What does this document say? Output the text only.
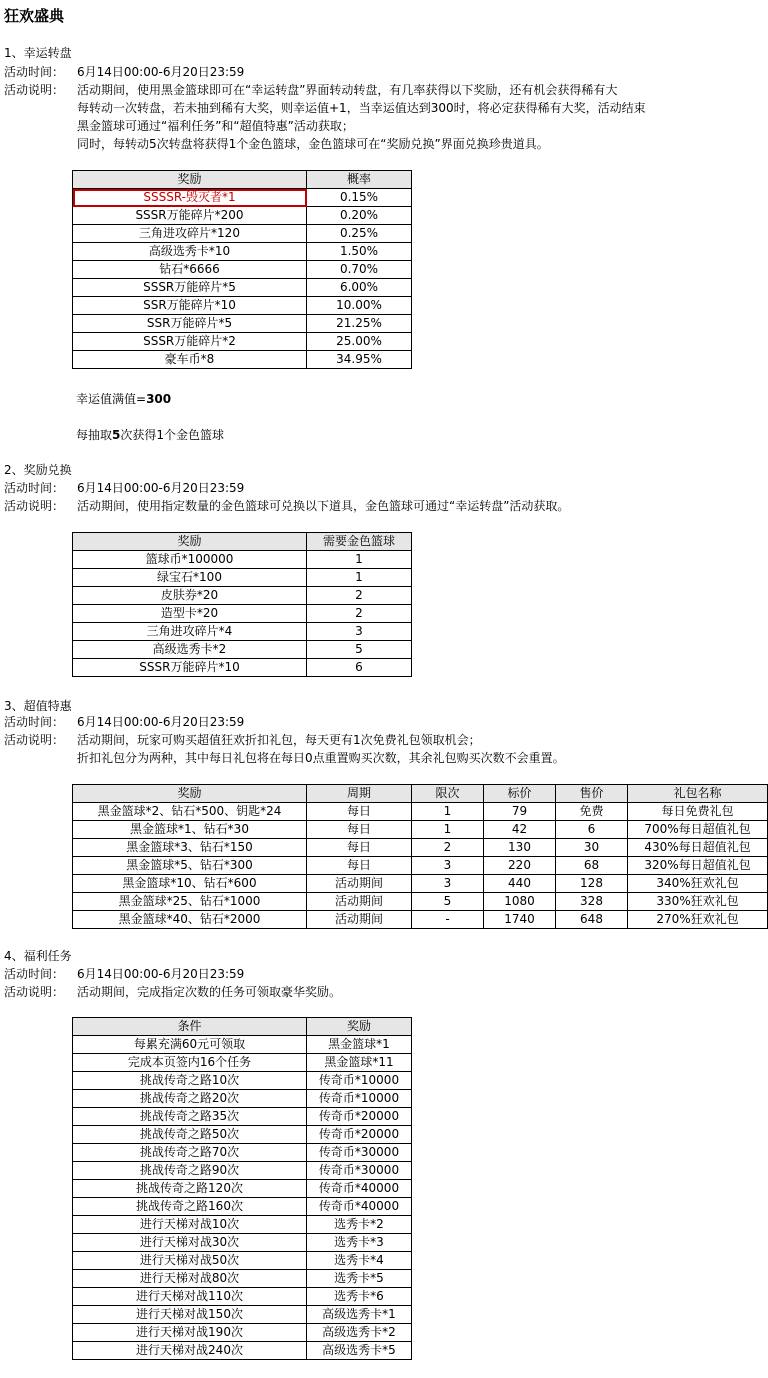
狂欢盛典
1、幸运转盘
活动时间： 6月14日00:00-6月20日23:59
活动说明： 活动期间，使用黑金篮球即可在“幸运转盘”界面转动转盘，有几率获得以下奖励，还有机会获得稀有大
每转动一次转盘，若未抽到稀有大奖，则幸运值+1，当幸运值达到300时，将必定获得稀有大奖，活动结束
黑金篮球可通过“福利任务”和“超值特惠”活动获取；
同时，每转动5次转盘将获得1个金色篮球，金色篮球可在“奖励兑换”界面兑换珍贵道具。
奖励	概率
SSSSR-毁灭者*1	0.15%
SSSR万能碎片*200	0.20%
三角进攻碎片*120	0.25%
高级选秀卡*10	1.50%
钻石*6666	0.70%
SSSR万能碎片*5	6.00%
SSR万能碎片*10	10.00%
SSR万能碎片*5	21.25%
SSSR万能碎片*2	25.00%
豪车币*8	34.95%
幸运值满值=300
每抽取5次获得1个金色篮球
2、奖励兑换
活动时间： 6月14日00:00-6月20日23:59
活动说明： 活动期间，使用指定数量的金色篮球可兑换以下道具，金色篮球可通过“幸运转盘”活动获取。
奖励	需要金色篮球
篮球币*100000	1
绿宝石*100	1
皮肤券*20	2
造型卡*20	2
三角进攻碎片*4	3
高级选秀卡*2	5
SSSR万能碎片*10	6
3、超值特惠
活动时间： 6月14日00:00-6月20日23:59
活动说明： 活动期间，玩家可购买超值狂欢折扣礼包，每天更有1次免费礼包领取机会；
折扣礼包分为两种，其中每日礼包将在每日0点重置购买次数，其余礼包购买次数不会重置。
奖励	周期	限次	标价	售价	礼包名称
黑金篮球*2、钻石*500、钥匙*24	每日	1	79	免费	每日免费礼包
黑金篮球*1、钻石*30	每日	1	42	6	700%每日超值礼包
黑金篮球*3、钻石*150	每日	2	130	30	430%每日超值礼包
黑金篮球*5、钻石*300	每日	3	220	68	320%每日超值礼包
黑金篮球*10、钻石*600	活动期间	3	440	128	340%狂欢礼包
黑金篮球*25、钻石*1000	活动期间	5	1080	328	330%狂欢礼包
黑金篮球*40、钻石*2000	活动期间	-	1740	648	270%狂欢礼包
4、福利任务
活动时间： 6月14日00:00-6月20日23:59
活动说明： 活动期间，完成指定次数的任务可领取豪华奖励。
条件	奖励
每累充满60元可领取	黑金篮球*1
完成本页签内16个任务	黑金篮球*11
挑战传奇之路10次	传奇币*10000
挑战传奇之路20次	传奇币*10000
挑战传奇之路35次	传奇币*20000
挑战传奇之路50次	传奇币*20000
挑战传奇之路70次	传奇币*30000
挑战传奇之路90次	传奇币*30000
挑战传奇之路120次	传奇币*40000
挑战传奇之路160次	传奇币*40000
进行天梯对战10次	选秀卡*2
进行天梯对战30次	选秀卡*3
进行天梯对战50次	选秀卡*4
进行天梯对战80次	选秀卡*5
进行天梯对战110次	选秀卡*6
进行天梯对战150次	高级选秀卡*1
进行天梯对战190次	高级选秀卡*2
进行天梯对战240次	高级选秀卡*5
